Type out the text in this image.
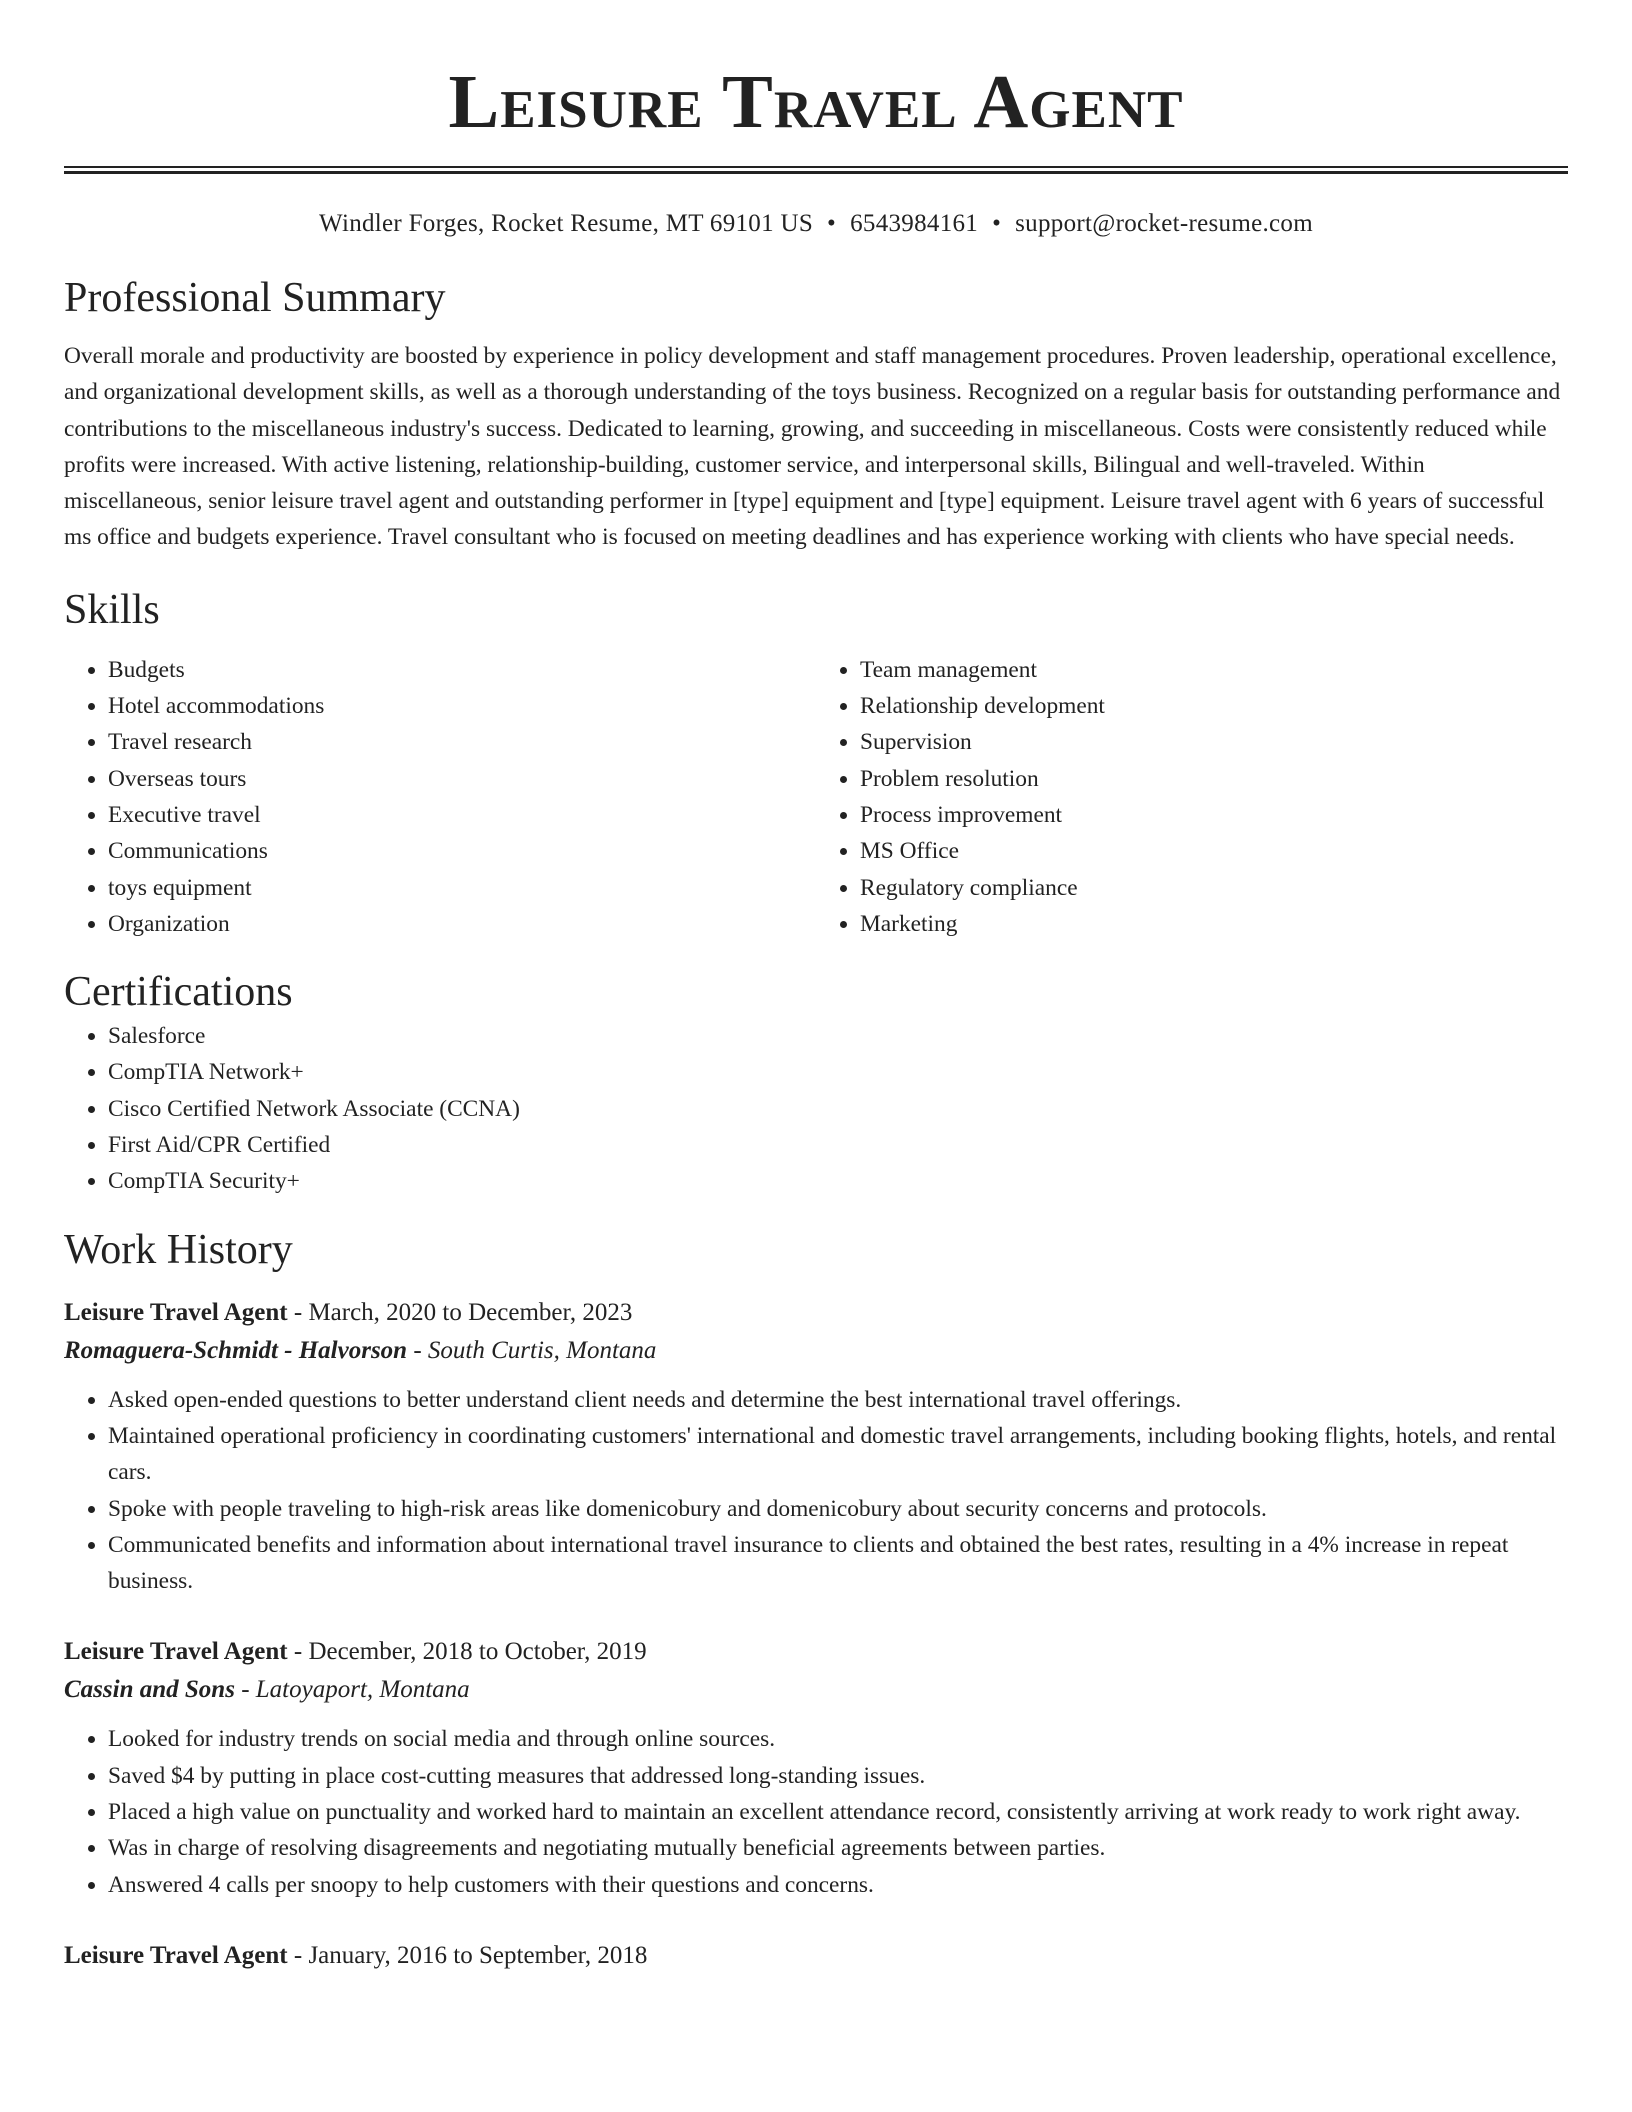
Leisure Travel Agent
Windler Forges, Rocket Resume, MT 69101 US • 6543984161 • support@rocket-resume.com
Professional Summary

Overall morale and productivity are boosted by experience in policy development and staff management procedures. Proven leadership, operational excellence, and organizational development skills, as well as a thorough understanding of the toys business. Recognized on a regular basis for outstanding performance and contributions to the miscellaneous industry's success. Dedicated to learning, growing, and succeeding in miscellaneous. Costs were consistently reduced while profits were increased. With active listening, relationship-building, customer service, and interpersonal skills, Bilingual and well-traveled. Within miscellaneous, senior leisure travel agent and outstanding performer in [type] equipment and [type] equipment. Leisure travel agent with 6 years of successful ms office and budgets experience. Travel consultant who is focused on meeting deadlines and has experience working with clients who have special needs.

Skills
• Budgets
• Hotel accommodations
• Travel research
• Overseas tours
• Executive travel
• Communications
• toys equipment
• Organization
• Team management
• Relationship development
• Supervision
• Problem resolution
• Process improvement
• MS Office
• Regulatory compliance
• Marketing
Certifications
• Salesforce
• CompTIA Network+
• Cisco Certified Network Associate (CCNA)
• First Aid/CPR Certified
• CompTIA Security+
Work History
Leisure Travel Agent - March, 2020 to December, 2023
Romaguera-Schmidt - Halvorson - South Curtis, Montana
• Asked open-ended questions to better understand client needs and determine the best international travel offerings.
• Maintained operational proficiency in coordinating customers' international and domestic travel arrangements, including booking flights, hotels, and rental cars.
• Spoke with people traveling to high-risk areas like domenicobury and domenicobury about security concerns and protocols.
• Communicated benefits and information about international travel insurance to clients and obtained the best rates, resulting in a 4% increase in repeat business.
Leisure Travel Agent - December, 2018 to October, 2019
Cassin and Sons - Latoyaport, Montana
• Looked for industry trends on social media and through online sources.
• Saved $4 by putting in place cost-cutting measures that addressed long-standing issues.
• Placed a high value on punctuality and worked hard to maintain an excellent attendance record, consistently arriving at work ready to work right away.
• Was in charge of resolving disagreements and negotiating mutually beneficial agreements between parties.
• Answered 4 calls per snoopy to help customers with their questions and concerns.
Leisure Travel Agent - January, 2016 to September, 2018
